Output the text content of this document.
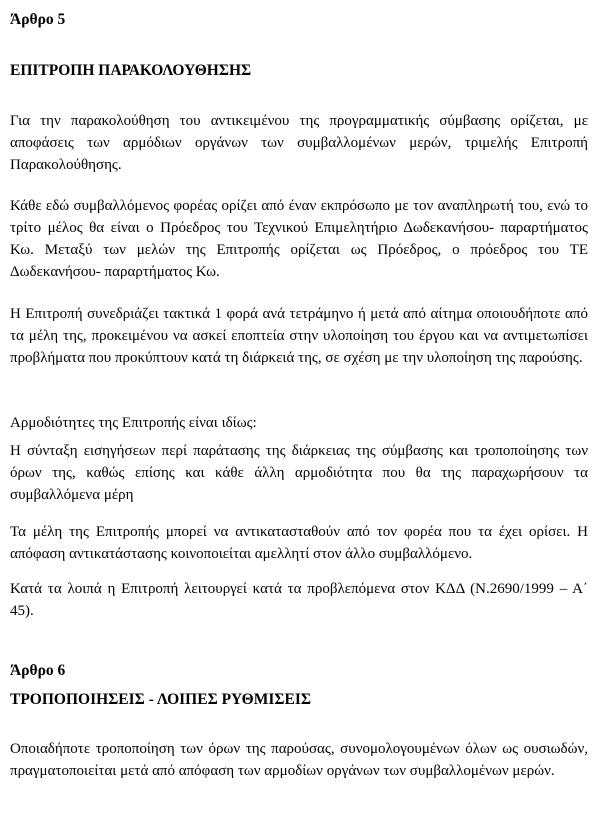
Άρθρο 5
ΕΠΙΤΡΟΠΗ ΠΑΡΑΚΟΛΟΥΘΗΣΗΣ
Για την παρακολούθηση του αντικειμένου της προγραμματικής σύμβασης ορίζεται, με αποφάσεις των αρμόδιων οργάνων των συμβαλλομένων μερών, τριμελής Επιτροπή Παρακολούθησης.
Κάθε εδώ συμβαλλόμενος φορέας ορίζει από έναν εκπρόσωπο με τον αναπληρωτή του, ενώ το τρίτο μέλος θα είναι ο Πρόεδρος του Τεχνικού Επιμελητήριο Δωδεκανήσου- παραρτήματος Κω. Μεταξύ των μελών της Επιτροπής ορίζεται ως Πρόεδρος, ο πρόεδρος του ΤΕ Δωδεκανήσου- παραρτήματος Κω.
Η Επιτροπή συνεδριάζει τακτικά 1 φορά ανά τετράμηνο ή μετά από αίτημα οποιουδήποτε από τα μέλη της, προκειμένου να ασκεί εποπτεία στην υλοποίηση του έργου και να αντιμετωπίσει προβλήματα που προκύπτουν κατά τη διάρκειά της, σε σχέση με την υλοποίηση της παρούσης.
Αρμοδιότητες της Επιτροπής είναι ιδίως:
Η σύνταξη εισηγήσεων περί παράτασης της διάρκειας της σύμβασης και τροποποίησης των όρων της, καθώς επίσης και κάθε άλλη αρμοδιότητα που θα της παραχωρήσουν τα συμβαλλόμενα μέρη
Τα μέλη της Επιτροπής μπορεί να αντικατασταθούν από τον φορέα που τα έχει ορίσει. Η απόφαση αντικατάστασης κοινοποιείται αμελλητί στον άλλο συμβαλλόμενο.
Κατά τα λοιπά η Επιτροπή λειτουργεί κατά τα προβλεπόμενα στον ΚΔΔ (Ν.2690/1999 – Α΄ 45).
Άρθρο 6
ΤΡΟΠΟΠΟΙΗΣΕΙΣ - ΛΟΙΠΕΣ ΡΥΘΜΙΣΕΙΣ
Οποιαδήποτε τροποποίηση των όρων της παρούσας, συνομολογουμένων όλων ως ουσιωδών, πραγματοποιείται μετά από απόφαση των αρμοδίων οργάνων των συμβαλλομένων μερών.
